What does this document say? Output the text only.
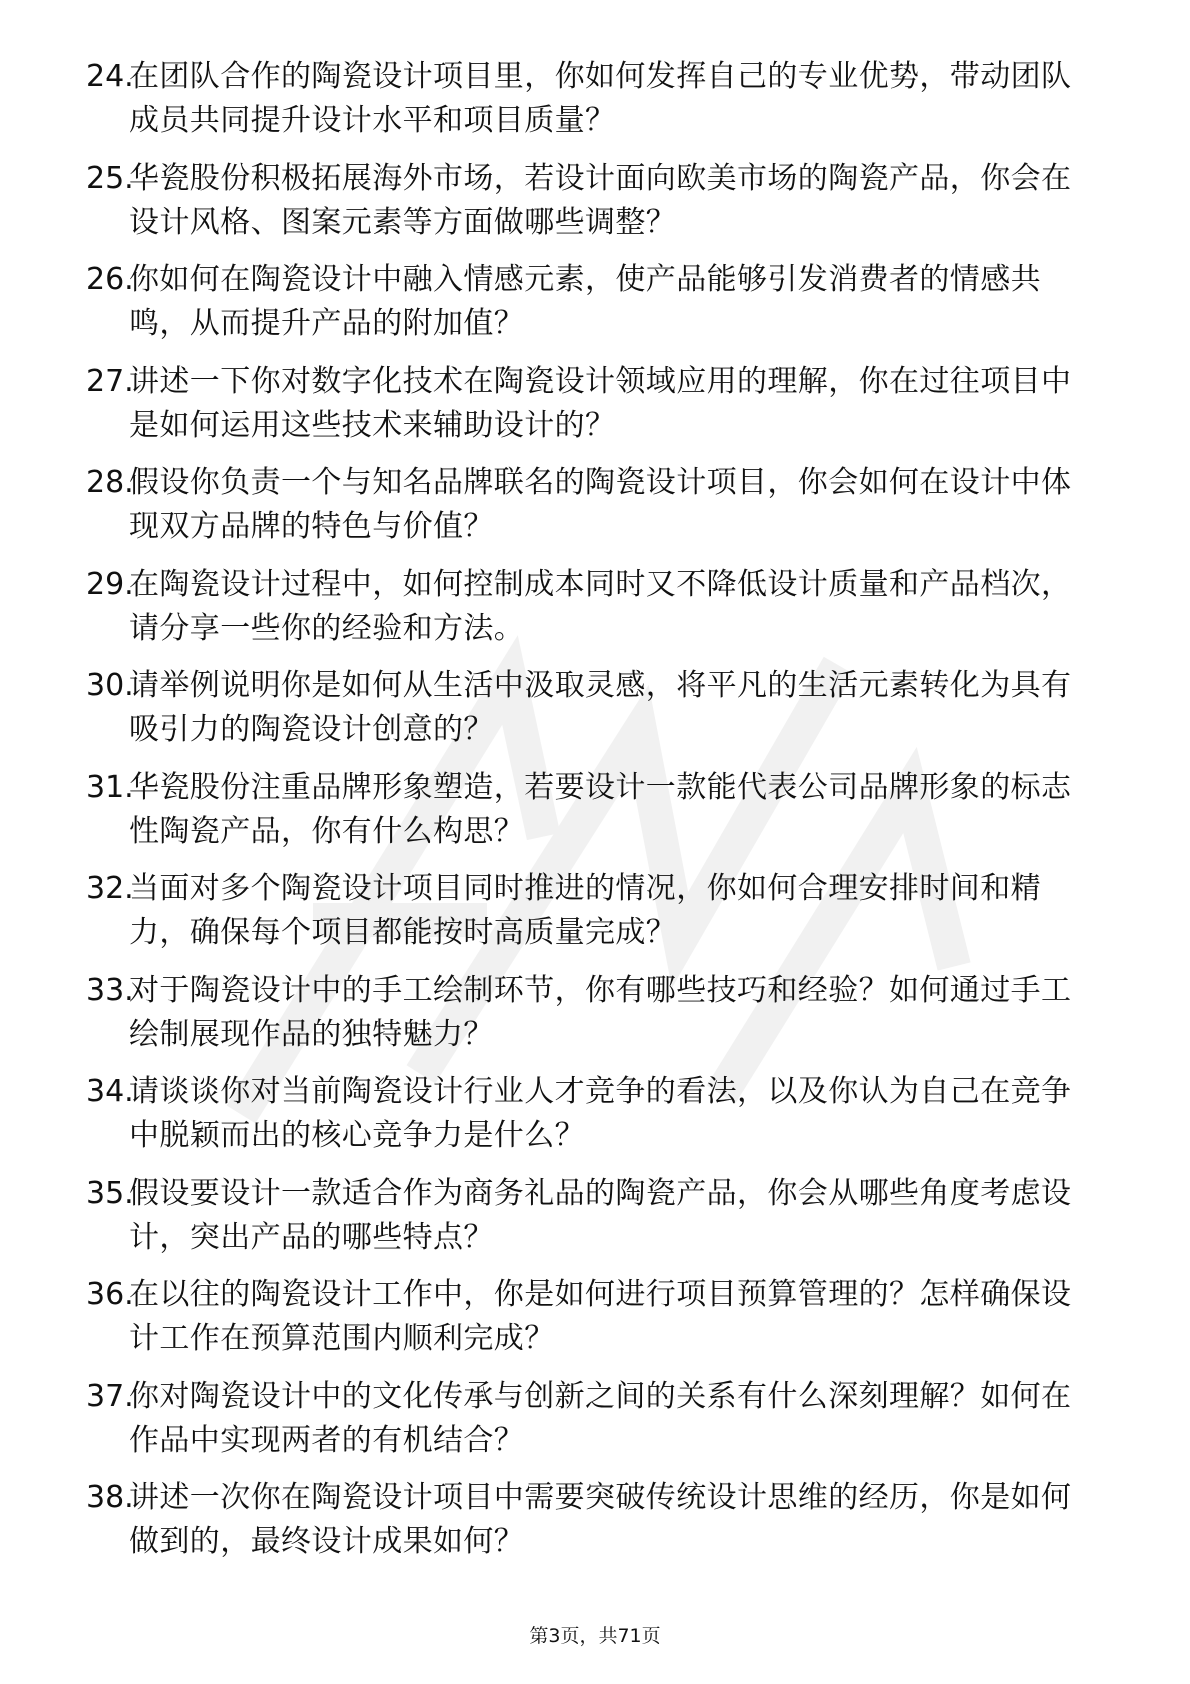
24.
在团队合作的陶瓷设计项目里，你如何发挥自己的专业优势，带动团队成员共同提升设计水平和项目质量？
25.
华瓷股份积极拓展海外市场，若设计面向欧美市场的陶瓷产品，你会在设计风格、图案元素等方面做哪些调整？
26.
你如何在陶瓷设计中融入情感元素，使产品能够引发消费者的情感共鸣，从而提升产品的附加值？
27.
讲述一下你对数字化技术在陶瓷设计领域应用的理解，你在过往项目中是如何运用这些技术来辅助设计的？
28.
假设你负责一个与知名品牌联名的陶瓷设计项目，你会如何在设计中体现双方品牌的特色与价值？
29.
在陶瓷设计过程中，如何控制成本同时又不降低设计质量和产品档次，请分享一些你的经验和方法。
30.
请举例说明你是如何从生活中汲取灵感，将平凡的生活元素转化为具有吸引力的陶瓷设计创意的？
31.
华瓷股份注重品牌形象塑造，若要设计一款能代表公司品牌形象的标志性陶瓷产品，你有什么构思？
32.
当面对多个陶瓷设计项目同时推进的情况，你如何合理安排时间和精力，确保每个项目都能按时高质量完成？
33.
对于陶瓷设计中的手工绘制环节，你有哪些技巧和经验？如何通过手工绘制展现作品的独特魅力？
34.
请谈谈你对当前陶瓷设计行业人才竞争的看法，以及你认为自己在竞争中脱颖而出的核心竞争力是什么？
35.
假设要设计一款适合作为商务礼品的陶瓷产品，你会从哪些角度考虑设计，突出产品的哪些特点？
36.
在以往的陶瓷设计工作中，你是如何进行项目预算管理的？怎样确保设计工作在预算范围内顺利完成？
37.
你对陶瓷设计中的文化传承与创新之间的关系有什么深刻理解？如何在作品中实现两者的有机结合？
38.
讲述一次你在陶瓷设计项目中需要突破传统设计思维的经历，你是如何做到的，最终设计成果如何？
第3页，共71页
